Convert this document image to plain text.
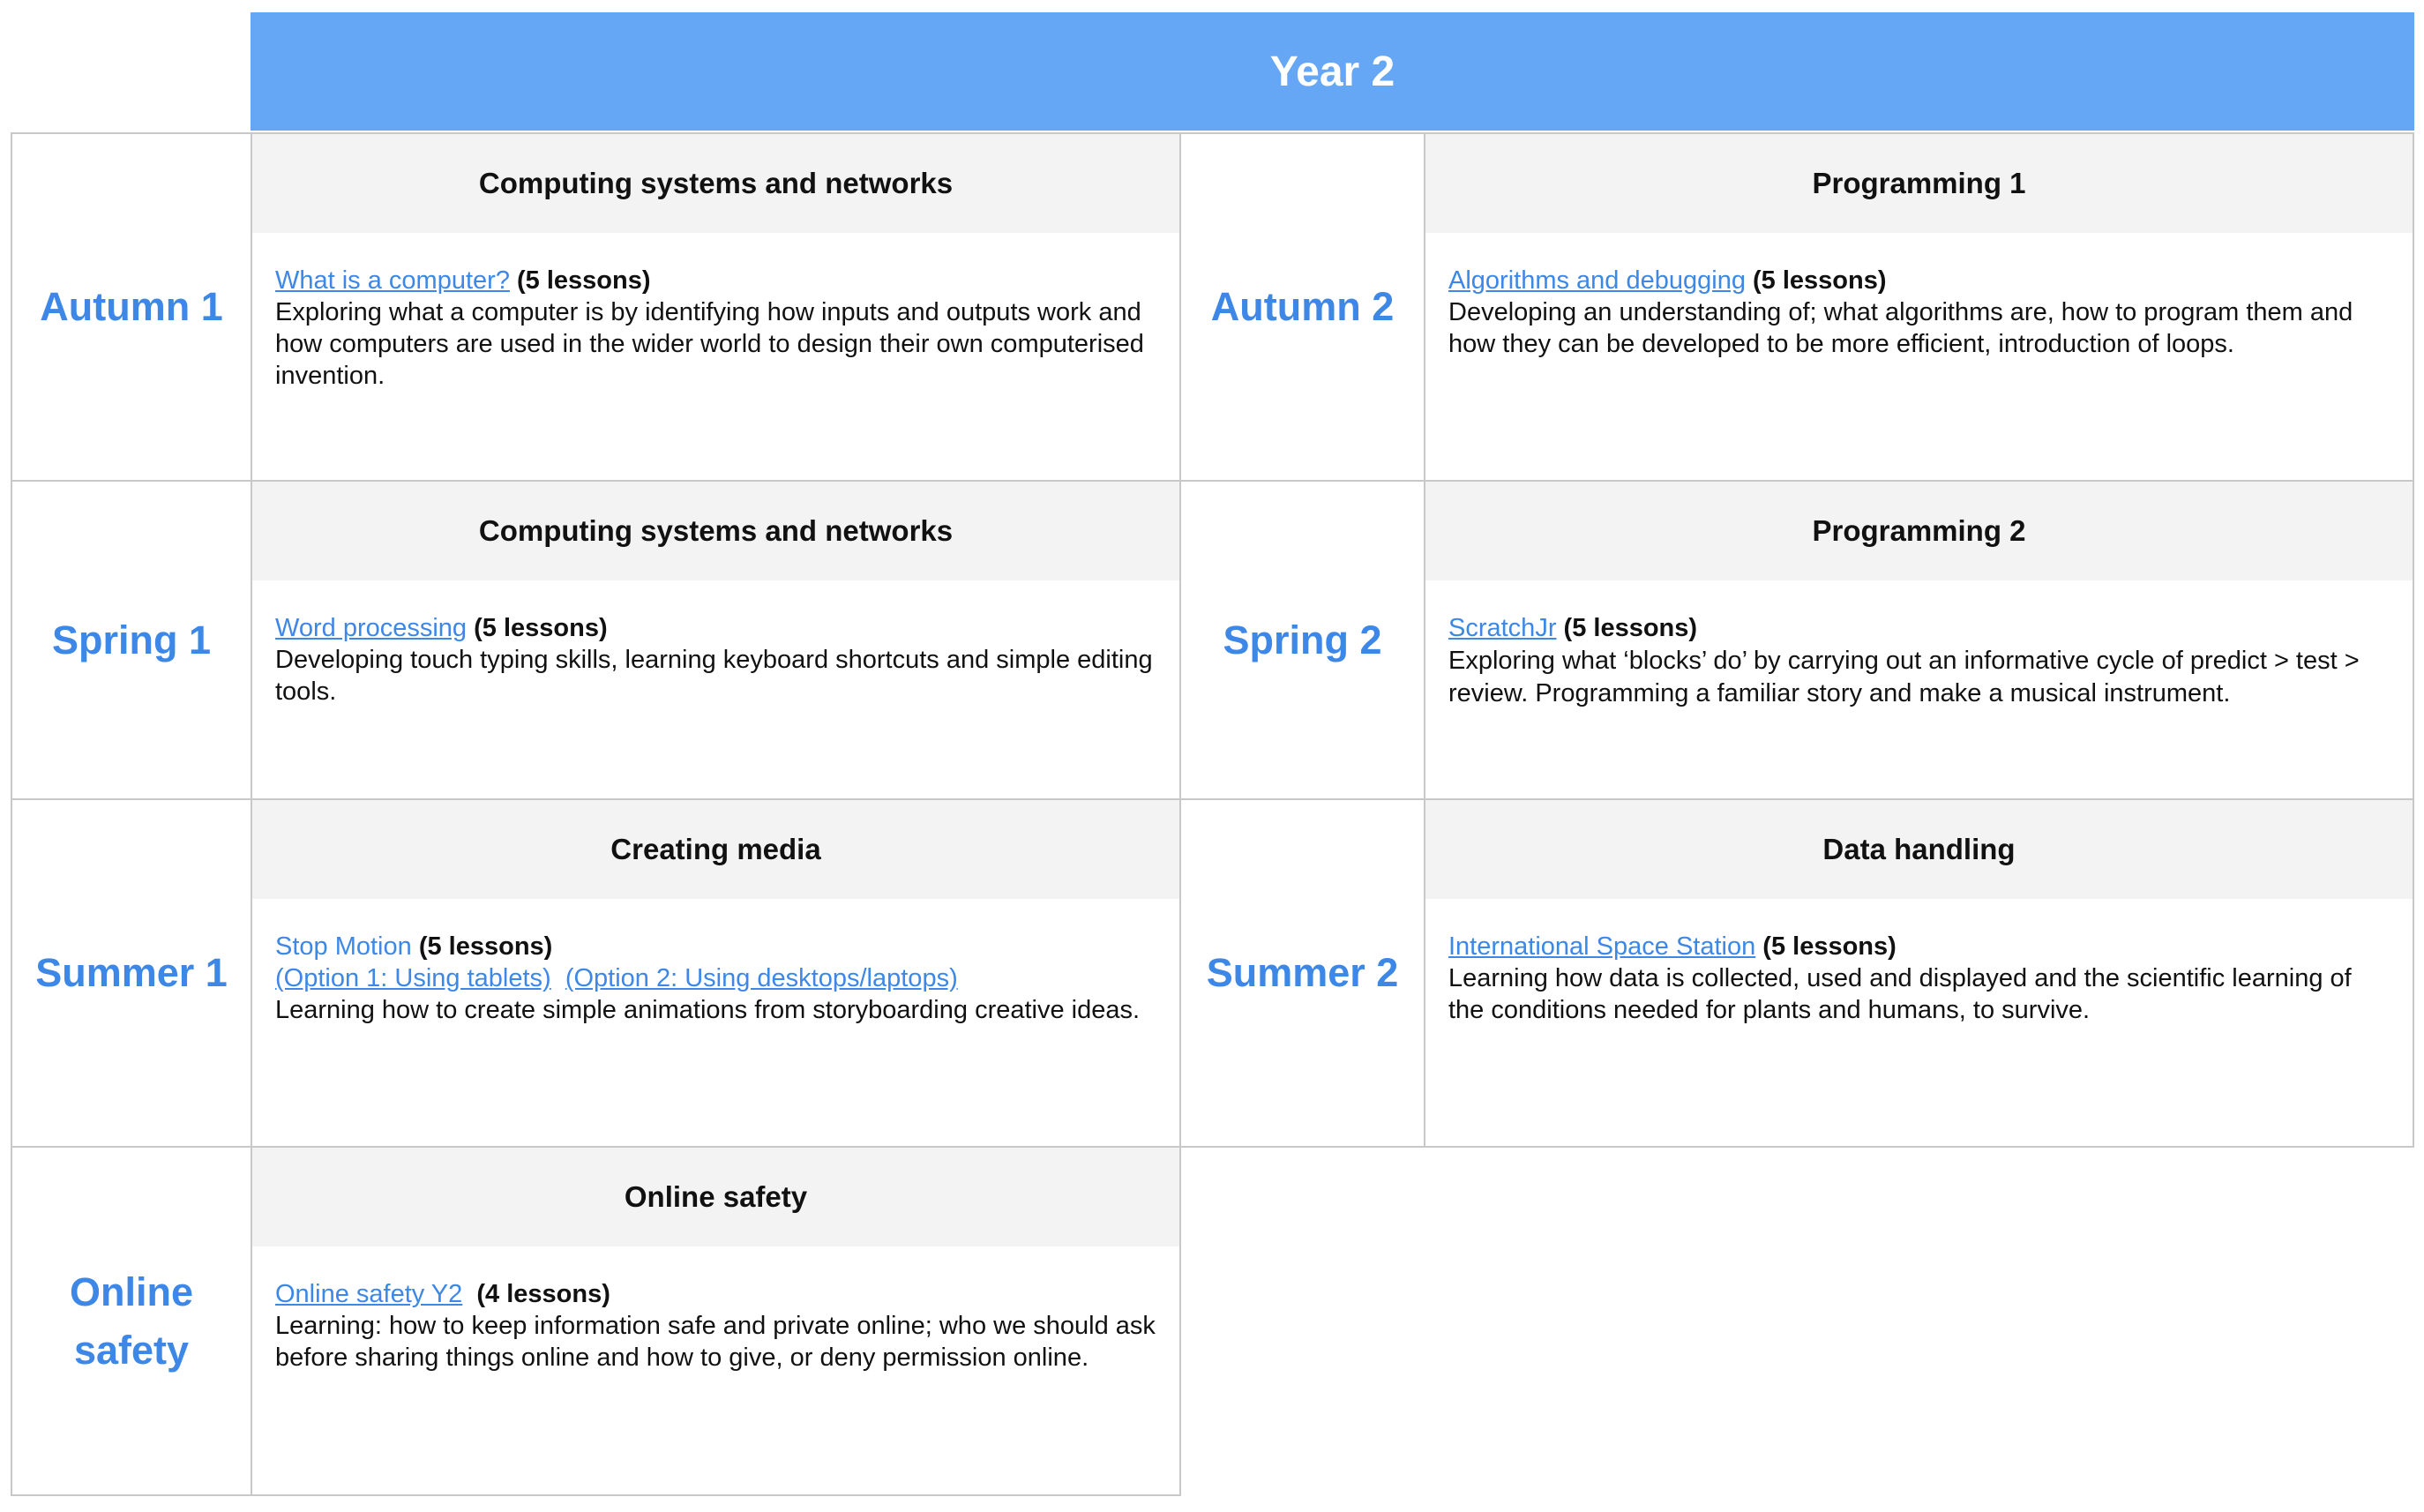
Year 2
Autumn 1
Computing systems and networks
What is a computer? (5 lessons)
Exploring what a computer is by identifying how inputs and outputs work and how computers are used in the wider world to design their own computerised invention.
Autumn 2
Programming 1
Algorithms and debugging (5 lessons)
Developing an understanding of; what algorithms are, how to program them and how they can be developed to be more efficient, introduction of loops.
Spring 1
Computing systems and networks
Word processing (5 lessons)
Developing touch typing skills, learning keyboard shortcuts and simple editing tools.
Spring 2
Programming 2
ScratchJr (5 lessons)
Exploring what ‘blocks’ do’ by carrying out an informative cycle of predict > test > review. Programming a familiar story and make a musical instrument.
Summer 1
Creating media
Stop Motion (5 lessons)
(Option 1: Using tablets) (Option 2: Using desktops/laptops)
Learning how to create simple animations from storyboarding creative ideas.
Summer 2
Data handling
International Space Station (5 lessons)
Learning how data is collected, used and displayed and the scientific learning of the conditions needed for plants and humans, to survive.
Online
safety
Online safety
Online safety Y2  (4 lessons)
Learning: how to keep information safe and private online; who we should ask before sharing things online and how to give, or deny permission online.
